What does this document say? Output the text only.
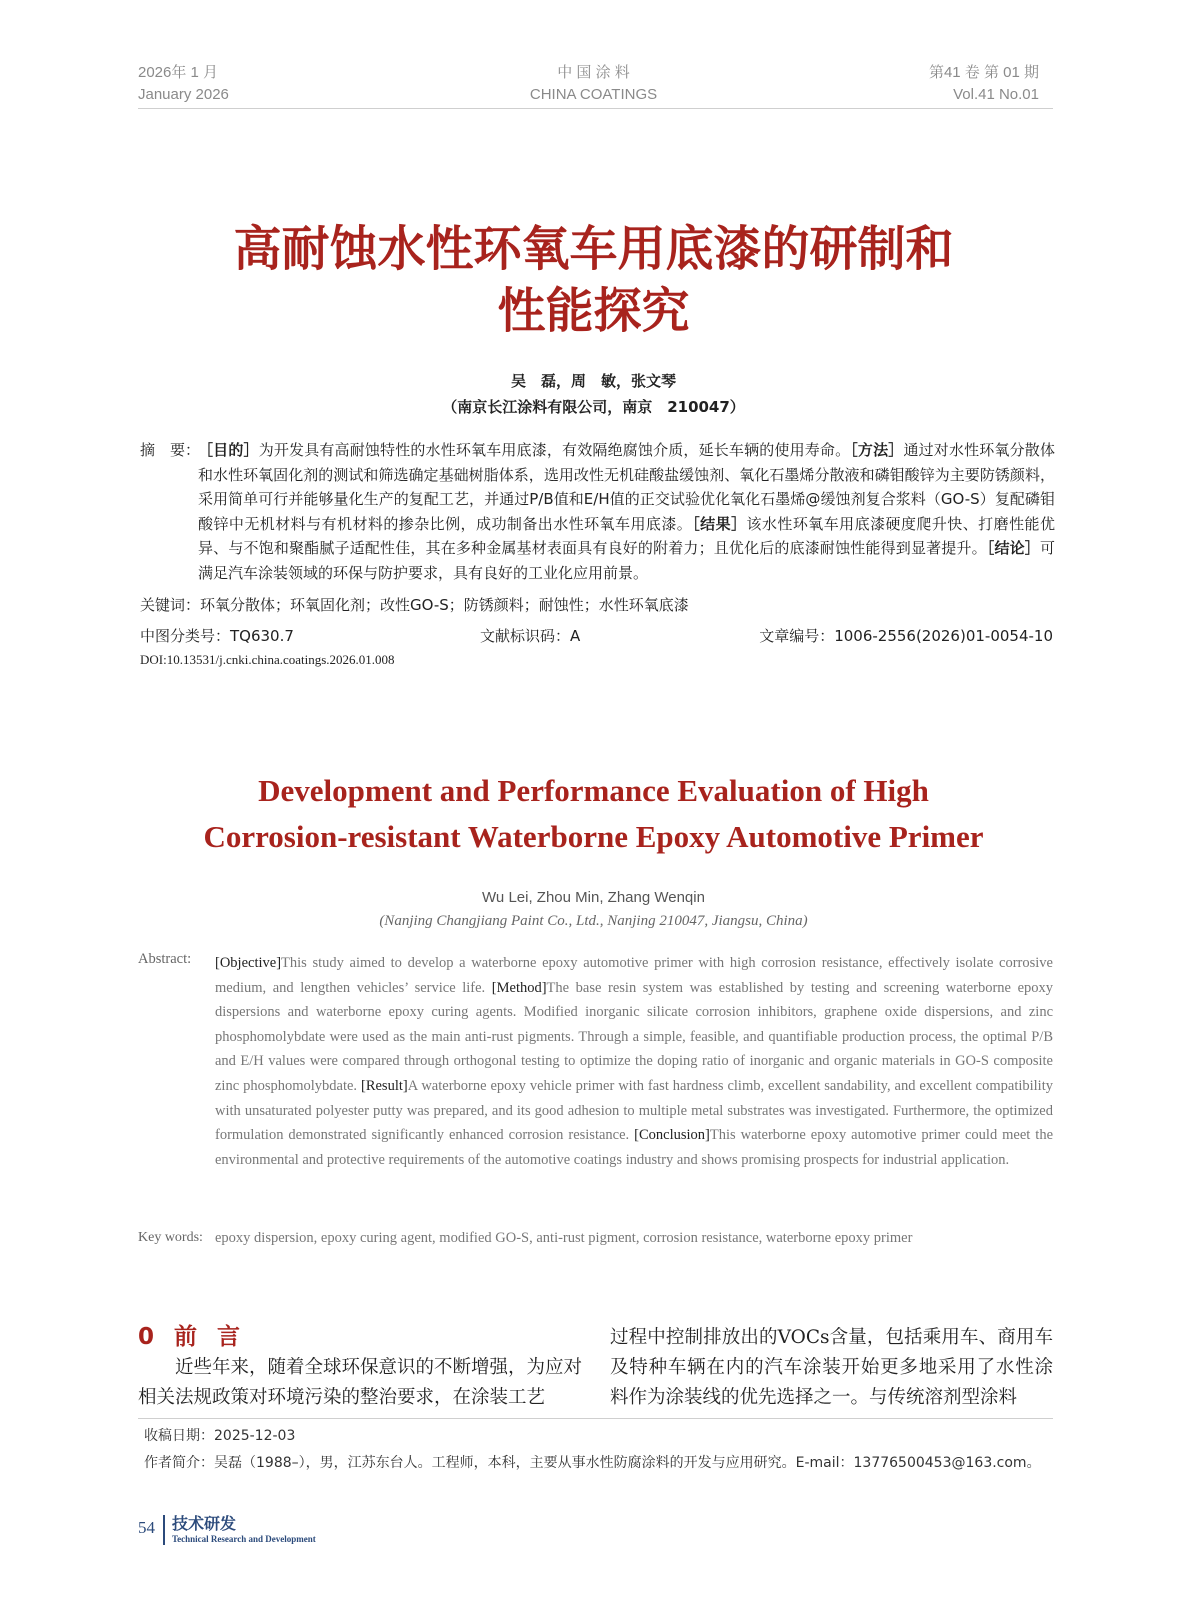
2026年 1 月
January 2026
中 国 涂 料
CHINA COATINGS
第41 卷 第 01 期
Vol.41 No.01
高耐蚀水性环氧车用底漆的研制和
性能探究
吴　磊，周　敏，张文琴
（南京长江涂料有限公司，南京　210047）
摘　要：
［目的］为开发具有高耐蚀特性的水性环氧车用底漆，有效隔绝腐蚀介质，延长车辆的使用寿命。［方法］通过对水性环氧分散体和水性环氧固化剂的测试和筛选确定基础树脂体系，选用改性无机硅酸盐缓蚀剂、氧化石墨烯分散液和磷钼酸锌为主要防锈颜料，采用简单可行并能够量化生产的复配工艺，并通过P/B值和E/H值的正交试验优化氧化石墨烯@缓蚀剂复合浆料（GO-S）复配磷钼酸锌中无机材料与有机材料的掺杂比例，成功制备出水性环氧车用底漆。［结果］该水性环氧车用底漆硬度爬升快、打磨性能优异、与不饱和聚酯腻子适配性佳，其在多种金属基材表面具有良好的附着力；且优化后的底漆耐蚀性能得到显著提升。［结论］可满足汽车涂装领域的环保与防护要求，具有良好的工业化应用前景。
关键词：环氧分散体；环氧固化剂；改性GO-S；防锈颜料；耐蚀性；水性环氧底漆
中图分类号：TQ630.7	文献标识码：A	文章编号：1006-2556(2026)01-0054-10
DOI:10.13531/j.cnki.china.coatings.2026.01.008
Development and Performance Evaluation of High
Corrosion-resistant Waterborne Epoxy Automotive Primer
Wu Lei, Zhou Min, Zhang Wenqin
(Nanjing Changjiang Paint Co., Ltd., Nanjing 210047, Jiangsu, China)
Abstract: [Objective]This study aimed to develop a waterborne epoxy automotive primer with high corrosion resistance, effectively isolate corrosive medium, and lengthen vehicles’ service life. [Method]The base resin system was established by testing and screening waterborne epoxy dispersions and waterborne epoxy curing agents. Modified inorganic silicate corrosion inhibitors, graphene oxide dispersions, and zinc phosphomolybdate were used as the main anti-rust pigments. Through a simple, feasible, and quantifiable production process, the optimal P/B and E/H values were compared through orthogonal testing to optimize the doping ratio of inorganic and organic materials in GO-S composite zinc phosphomolybdate. [Result]A waterborne epoxy vehicle primer with fast hardness climb, excellent sandability, and excellent compatibility with unsaturated polyester putty was prepared, and its good adhesion to multiple metal substrates was investigated. Furthermore, the optimized formulation demonstrated significantly enhanced corrosion resistance. [Conclusion]This waterborne epoxy automotive primer could meet the environmental and protective requirements of the automotive coatings industry and shows promising prospects for industrial application.
Key words: epoxy dispersion, epoxy curing agent, modified GO-S, anti-rust pigment, corrosion resistance, waterborne epoxy primer
0 前 言
　　近些年来，随着全球环保意识的不断增强，为应对相关法规政策对环境污染的整治要求，在涂装工艺
过程中控制排放出的VOCs含量，包括乘用车、商用车及特种车辆在内的汽车涂装开始更多地采用了水性涂料作为涂装线的优先选择之一。与传统溶剂型涂料
收稿日期：2025-12-03
作者简介：吴磊（1988–），男，江苏东台人。工程师，本科，主要从事水性防腐涂料的开发与应用研究。E-mail：13776500453@163.com。
54 技术研发
Technical Research and Development
